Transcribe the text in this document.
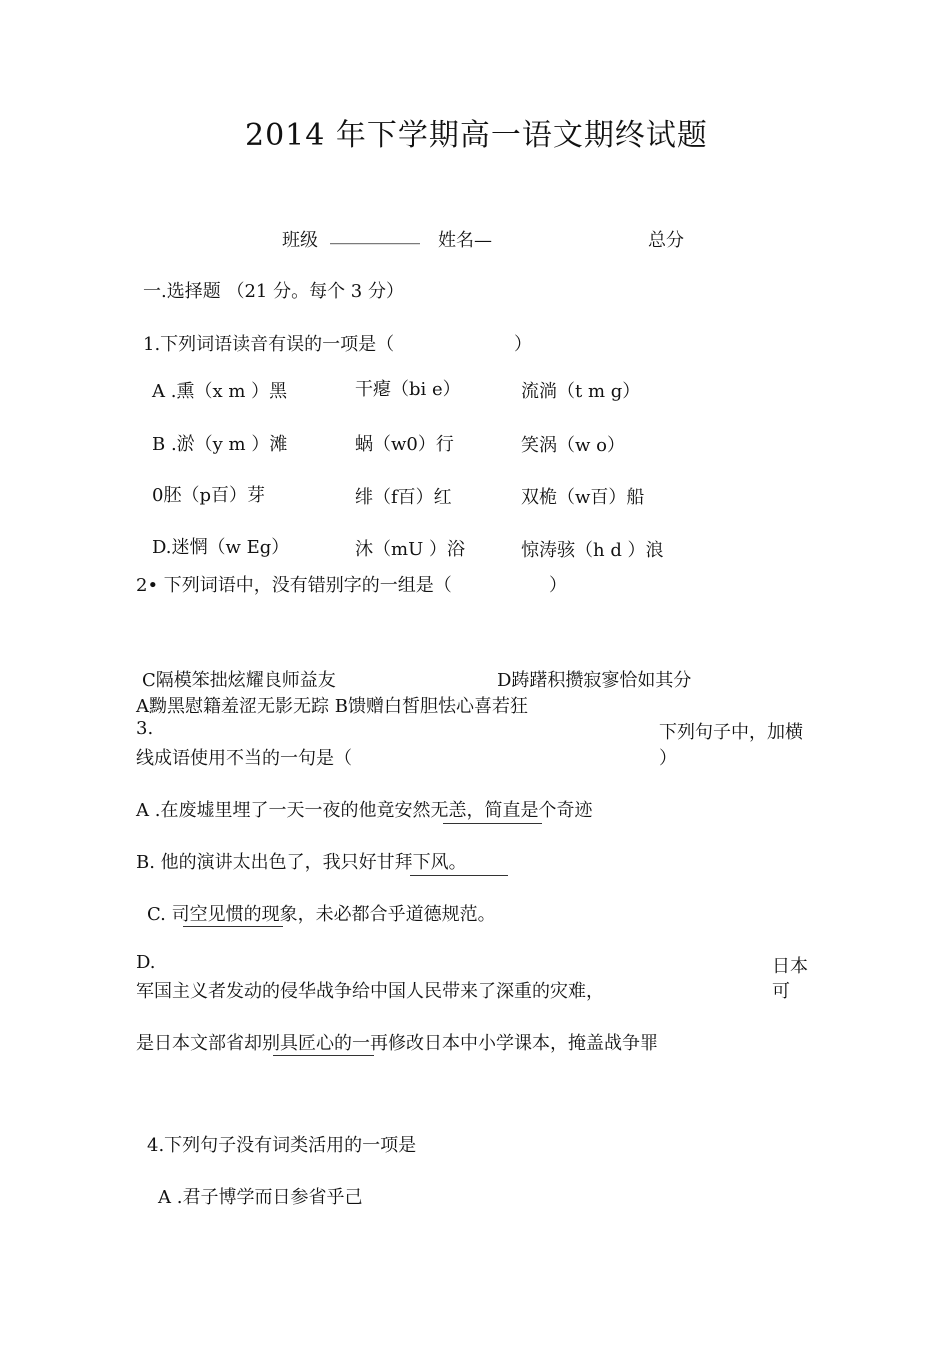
2014 年下学期高一语文期终试题
班级 __________ 姓名—	总分
一.选择题 （21 分。每个 3 分）
1.下列词语读音有误的一项是（	）
A .熏（x m ）黑	干瘪（bi e）	流淌（t m g）
B .淤（y m ）滩	蜗（w0）行	笑涡（w o）
0胚（p百）芽	绯（f百）红	双桅（w百）船
D.迷惘（w Eg）	沐（mU ）浴	惊涛骇（h d ）浪
2• 下列词语中，没有错别字的一组是（	）
C隔模笨拙炫耀良师益友	D踌躇积攒寂寥恰如其分
A黝黑慰籍羞涩无影无踪 B馈赠白皙胆怯心喜若狂
3.	下列句子中，加横
线成语使用不当的一句是（	）
A .在废墟里埋了一天一夜的他竟安然无恙，简直是个奇迹
B. 他的演讲太出色了，我只好甘拜下风。
C. 司空见惯的现象，未必都合乎道德规范。
D.	日本
军国主义者发动的侵华战争给中国人民带来了深重的灾难，	可
是日本文部省却别具匠心的一再修改日本中小学课本，掩盖战争罪
4.下列句子没有词类活用的一项是
A .君子博学而日参省乎己
